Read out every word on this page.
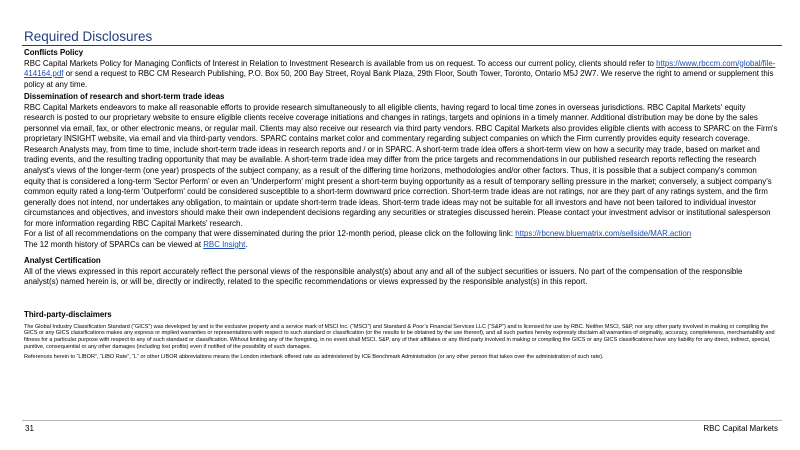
Required Disclosures
Conflicts Policy
RBC Capital Markets Policy for Managing Conflicts of Interest in Relation to Investment Research is available from us on request. To access our current policy, clients should refer to https://www.rbccm.com/global/file-414164.pdf or send a request to RBC CM Research Publishing, P.O. Box 50, 200 Bay Street, Royal Bank Plaza, 29th Floor, South Tower, Toronto, Ontario M5J 2W7. We reserve the right to amend or supplement this policy at any time.
Dissemination of research and short-term trade ideas
RBC Capital Markets endeavors to make all reasonable efforts to provide research simultaneously to all eligible clients, having regard to local time zones in overseas jurisdictions. RBC Capital Markets' equity research is posted to our proprietary website to ensure eligible clients receive coverage initiations and changes in ratings, targets and opinions in a timely manner. Additional distribution may be done by the sales personnel via email, fax, or other electronic means, or regular mail. Clients may also receive our research via third party vendors. RBC Capital Markets also provides eligible clients with access to SPARC on the Firm's proprietary INSIGHT website, via email and via third-party vendors. SPARC contains market color and commentary regarding subject companies on which the Firm currently provides equity research coverage. Research Analysts may, from time to time, include short-term trade ideas in research reports and / or in SPARC. A short-term trade idea offers a short-term view on how a security may trade, based on market and trading events, and the resulting trading opportunity that may be available. A short-term trade idea may differ from the price targets and recommendations in our published research reports reflecting the research analyst's views of the longer-term (one year) prospects of the subject company, as a result of the differing time horizons, methodologies and/or other factors. Thus, it is possible that a subject company's common equity that is considered a long-term 'Sector Perform' or even an 'Underperform' might present a short-term buying opportunity as a result of temporary selling pressure in the market; conversely, a subject company's common equity rated a long-term 'Outperform' could be considered susceptible to a short-term downward price correction. Short-term trade ideas are not ratings, nor are they part of any ratings system, and the firm generally does not intend, nor undertakes any obligation, to maintain or update short-term trade ideas. Short-term trade ideas may not be suitable for all investors and have not been tailored to individual investor circumstances and objectives, and investors should make their own independent decisions regarding any securities or strategies discussed herein. Please contact your investment advisor or institutional salesperson for more information regarding RBC Capital Markets' research.
For a list of all recommendations on the company that were disseminated during the prior 12-month period, please click on the following link: https://rbcnew.bluematrix.com/sellside/MAR.action
The 12 month history of SPARCs can be viewed at RBC Insight.
Analyst Certification
All of the views expressed in this report accurately reflect the personal views of the responsible analyst(s) about any and all of the subject securities or issuers. No part of the compensation of the responsible analyst(s) named herein is, or will be, directly or indirectly, related to the specific recommendations or views expressed by the responsible analyst(s) in this report.
Third-party-disclaimers
The Global Industry Classification Standard (“GICS”) was developed by and is the exclusive property and a service mark of MSCI Inc. (“MSCI”) and Standard & Poor’s Financial Services LLC (“S&P”) and is licensed for use by RBC. Neither MSCI, S&P, nor any other party involved in making or compiling the GICS or any GICS classifications makes any express or implied warranties or representations with respect to such standard or classification (or the results to be obtained by the use thereof), and all such parties hereby expressly disclaim all warranties of originality, accuracy, completeness, merchantability and fitness for a particular purpose with respect to any of such standard or classification. Without limiting any of the foregoing, in no event shall MSCI, S&P, any of their affiliates or any third party involved in making or compiling the GICS or any GICS classifications have any liability for any direct, indirect, special, punitive, consequential or any other damages (including lost profits) even if notified of the possibility of such damages.
References herein to “LIBOR”, “LIBO Rate”, “L” or other LIBOR abbreviations means the London interbank offered rate as administered by ICE Benchmark Administration (or any other person that takes over the administration of such rate).
31	RBC Capital Markets
